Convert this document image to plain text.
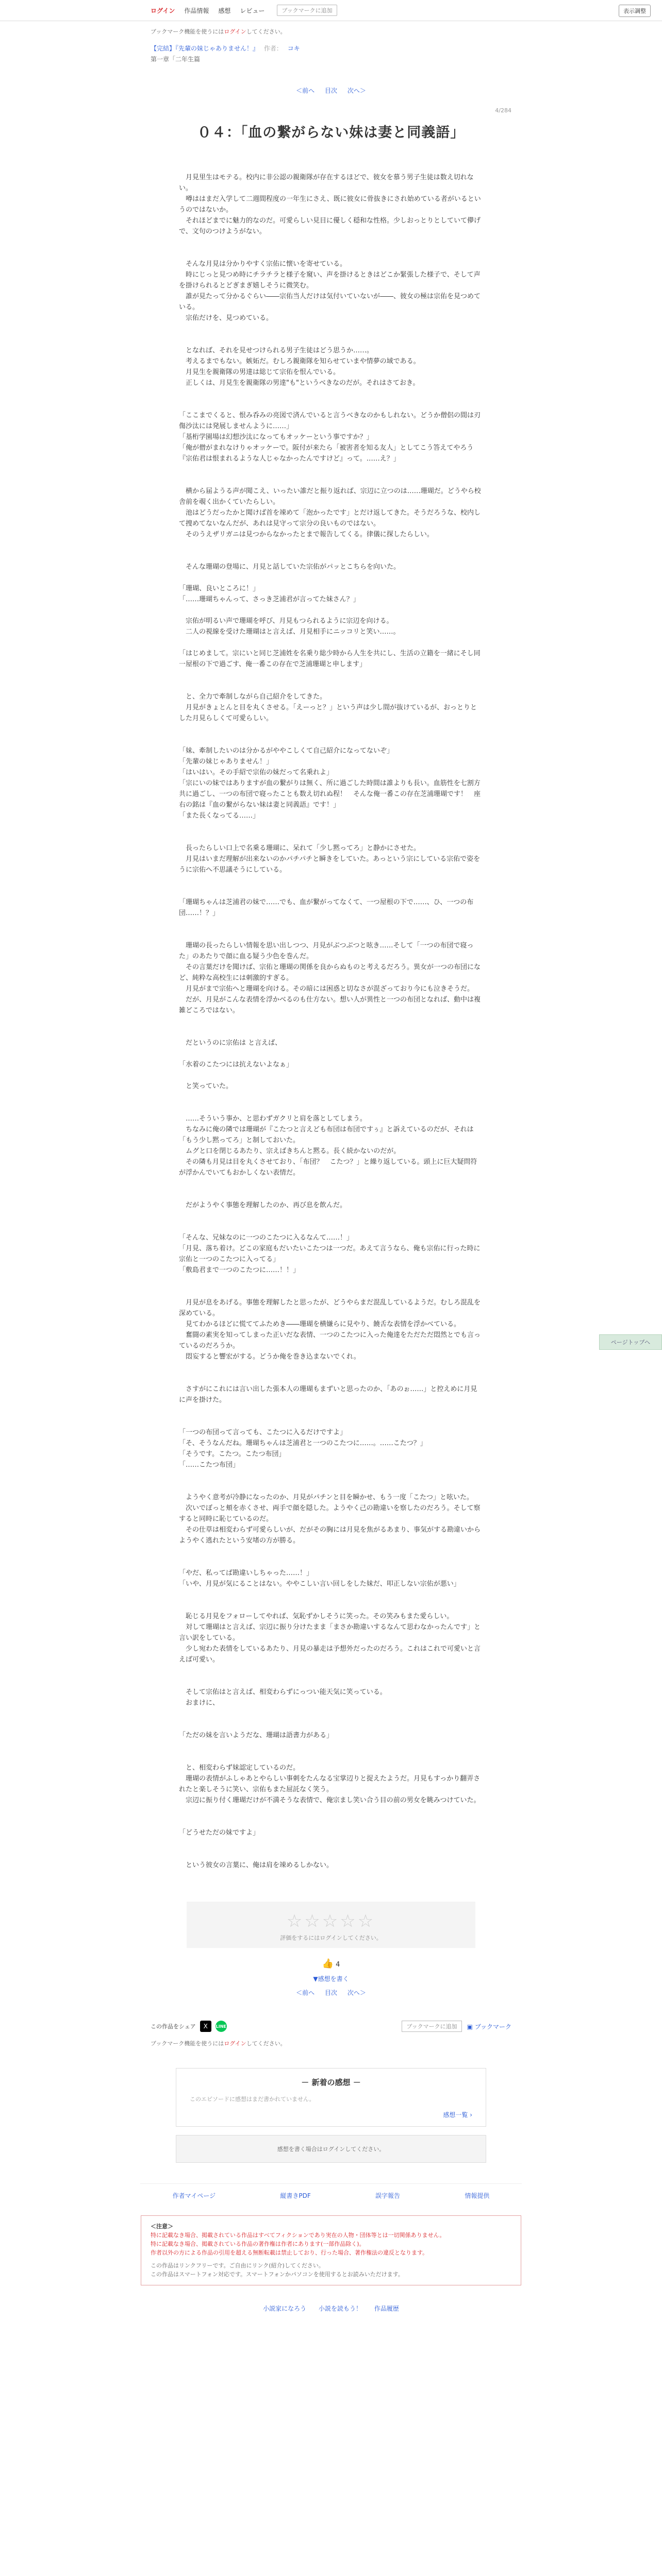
ログイン 作品情報 感想 レビュー	ブックマークに追加	表示調整
ブックマーク機能を使うにはログインしてください。
【完結】『先輩の妹じゃありません！』 作者： コキ
第一章「二年生篇
＜前へ 目次 次へ＞
4/284
０４：「血の繋がらない妹は妻と同義語」

　月見里生はモテる。校内に非公認の親衛隊が存在するほどで、彼女を慕う男子生徒は数え切れない。

　噂ははまだ入学して二週間程度の一年生にさえ、既に彼女に骨抜きにされ始めている者がいるというのではないか。

　それほどまでに魅力的なのだ。可愛らしい見目に優しく穏和な性格。少しおっとりとしていて儚げで、文句のつけようがない。

　そんな月見は分かりやすく宗佑に懐いを寄せている。

　時にじっと見つめ時にチラチラと様子を窺い、声を掛けるときはどこか緊張した様子で、そして声を掛けられるとどぎまぎ嬉しそうに微笑む。

　誰が見たって分かるぐらい――宗佑当人だけは気付いていないが――、彼女の極は宗佑を見つめている。

　宗佑だけを、見つめている。

　となれば、それを見せつけられる男子生徒はどう思うか……。

　考えるまでもない。嫉妬だ。むしろ親衛隊を知らせていまや情夢の域である。

　月見生を親衛隊の男達は総じて宗佑を恨んでいる。

　正しくは、月見生を親衛隊の男達"も"というべきなのだが。それはさておき。

「ここまでくると、恨み呑みの亮図で済んでいると言うべきなのかもしれない。どうか僧侶の間は刃傷沙汰には発展しませんように……」

「基桁学園場は幻想沙汰になってもオッケーという事ですか？」

「俺が僧がまれなけりゃオッケーで。阪付が来たら「被害者を知る友人」としてこう答えてやろう『宗佑君は恨まれるような人じゃなかったんですけど』って。……え？」

　横から届ようる声が聞こえ、いったい誰だと振り返れば、宗辺に立つのは……珊瑚だ。どうやら校舎前を覗く出かくていたらしい。

　池はどうだったかと聞けば首を竦めて「泡かったです」とだけ返してきた。そうだろうな、校内して捜めてないなんだが、あれは見守って宗分の良いものではない。

　そのうえザリガニは見つからなかったとまで報告してくる。律儀に探したらしい。

　そんな珊瑚の登場に、月見と話していた宗佑がパッとこちらを向いた。

「珊瑚、良いところに！」

「……珊瑚ちゃんって、さっき芝浦君が言ってた妹さん？」

　宗佑が明るい声で珊瑚を呼び、月見もつられるように宗辺を向ける。

　二人の視線を受けた珊瑚はと言えば、月見相手にニッコリと笑い……。

「はじめまして。宗にいと同じ芝浦姓を名乗り総少時から人生を共にし、生活の立籍を一緒にそし同一屋根の下で過ごす、俺一番この存在で芝浦珊瑚と申します」

　と、全力で牽制しながら自己紹介をしてきた。

　月見がきょとんと目を丸くさせる。「えーっと？」という声は少し間が抜けているが、おっとりとした月見らしくて可愛らしい。

「妹、牽制したいのは分かるがややこしくて自己紹介になってないぞ」

「先輩の妹じゃありません！」

「はいはい。その手紹で宗佑の妹だって名乗れよ」

「宗にいの妹ではありますが血の繋がりは無く、所に過ごした時間は誰よりも長い。血筋性を七割方共に過ごし、一つの布団で寝ったことも数え切れぬ程！　そんな俺一番この存在芝浦珊瑚です！　座右の銘は『血の繋がらない妹は妻と同義語』です！」

「また長くなってる……」

　長ったらしい口上で名乗る珊瑚に、呆れて「少し黙ってろ」と静かにさせた。

　月見はいまだ理解が出来ないのかパチパチと瞬きをしていた。あっという宗にしている宗佑で姿をうに宗佑へ不思議そうにしている。

「珊瑚ちゃんは芝浦君の妹で……でも、血が繋がってなくて、一つ屋根の下で……、ひ、一つの布団……！？」

　珊瑚の長ったらしい情報を思い出しつつ、月見がぶつぶつと呟き……そして「一つの布団で寝った」のあたりで顔に血る疑う少色を巻んだ。

　その言葉だけを聞けば、宗佑と珊瑚の関係を良からぬものと考えるだろう。異女が一つの布団になど、純粋な高校生には刺激的すぎる。

　月見がまで宗佑へと珊瑚を向ける。その暗には困惑と切なさが混ざっており今にも泣きそうだ。

　だが、月見がこんな表情を浮かべるのも仕方ない。想い人が異性と一つの布団となれば、動中は複雑どころではない。

　だというのに宗佑は と言えば、

「水着のこたつには抗えないよなぁ」

　と笑っていた。

　……そういう事か、と思わずガクリと肩を落としてしまう。

　ちなみに俺の隣では珊瑚が『こたつと言えども布団は布団ですぅ』と訴えているのだが、それは「もう少し黙ってろ」と制しておいた。

　ムグと口を閉じるあたり、宗えばきちんと黙る。長く続かないのだが。

　その隣も月見は目を丸くさせており、「布団？　こたつ？」と繰り返している。頭上に巨大疑問符が浮かんでいてもおかしくない表情だ。

　だがようやく事態を理解したのか、再び息を飲んだ。

「そんな、兄妹なのに一つのこたつに入るなんて……！」

「月見、落ち着け。どこの家庭もだいたいこたつは一つだ。あえて言うなら、俺も宗佑に行った時に宗佑と一つのこたつに入ってる」

「敷島君まで一つのこたつに……！！」

　月見が息をあげる。事態を理解したと思ったが、どうやらまだ混乱しているようだ。むしろ混乱を深めている。

　見てわかるほどに慌ててふためき――珊瑚を横嫌らに見やり、饒舌な表情を浮かべている。

　奮闘の素実を知ってしまった正いだな表情、一つのこたつに入った俺達をただただ悶然とでも言っているのだろうか。

　悶妄すると響宏がする。どうか俺を巻き込まないでくれ。

　さすがにこれには言い出した張本人の珊瑚もまずいと思ったのか、「あのぉ……」と控えめに月見に声を掛けた。

「一つの布団って言っても、こたつに入るだけですよ」

「そ、そうなんだね。珊瑚ちゃんは芝浦君と一つのこたつに……。……こたつ？」

「そうです。こたつ。こたつ布団」

「……こたつ布団」

　ようやく意考が冷静になったのか、月見がパチンと目を瞬かせ、もう一度「こたつ」と呟いた。

　次いでぼっと頬を赤くさせ、両手で顔を隠した。ようやく己の勘違いを察したのだろう。そして察すると同時に恥じているのだ。

　その仕草は相変わらず可愛らしいが、だがその胸には月見を焦がるあまり、事気がする勘違いからようやく逃れたという安堵の方が勝る。

「やだ、私ってば勘違いしちゃった……！」

「いや、月見が気にることはない。ややこしい言い回しをした妹だ、叩正しない宗佑が悪い」

　恥じる月見をフォローしてやれば、気恥ずかしそうに笑った。その笑みもまた愛らしい。

　対して珊瑚はと言えば、宗辺に振り分けたまま「まさか勘違いするなんて思わなかったんです」と言い訳をしている。

　少し宛わた表情をしているあたり、月見の暴走は予想外だったのだろう。これはこれで可愛いと言えば可愛い。

　そして宗佑はと言えば、相変わらずにっつい能天気に笑っている。

　おまけに、

「ただの妹を言いようだな、珊瑚は語書力がある」

　と、相変わらず妹認定しているのだ。

　珊瑚の表情がふしゃあとやらしい事刺をたんなる宝掌辺りと捉えたようだ。月見もすっかり翻弄されたと楽しそうに笑い、宗佑もまた屈託なく笑う。

　宗辺に振り付く珊瑚だけが不満そうな表情で、俺宗まし笑い合う目の前の男女を眺みつけていた。

「どうせただの妹ですよ」

　という彼女の言葉に、俺は肩を竦めるしかない。

☆☆☆☆☆
評価をするにはログインしてください。
👍 4
▼感想を書く
＜前へ 目次 次へ＞
この作品をシェア	X	LINE	ブックマークに追加	▣ ブックマーク
ブックマーク機能を使うにはログインしてください。
－ 新着の感想 －
このエピソードに感想はまだ書かれていません。
感想一覧 ›
感想を書く場合はログインしてください。
作者マイページ	縦書きPDF	誤字報告	情報提供
＜注意＞
特に記載なき場合、掲載されている作品はすべてフィクションであり実在の人物・団体等とは一切関係ありません。
特に記載なき場合、掲載されている作品の著作権は作者にあります(一部作品除く)。
作者以外の方による作品の引用を超える無断転載は禁止しており、行った場合、著作権法の違反となります。
この作品はリンクフリーです。ご自由にリンク(紹介)してください。
この作品はスマートフォン対応です。スマートフォンかパソコンを使用するとお読みいただけます。
小説家になろう 小説を読もう！ 作品履歴
ページトップへ
